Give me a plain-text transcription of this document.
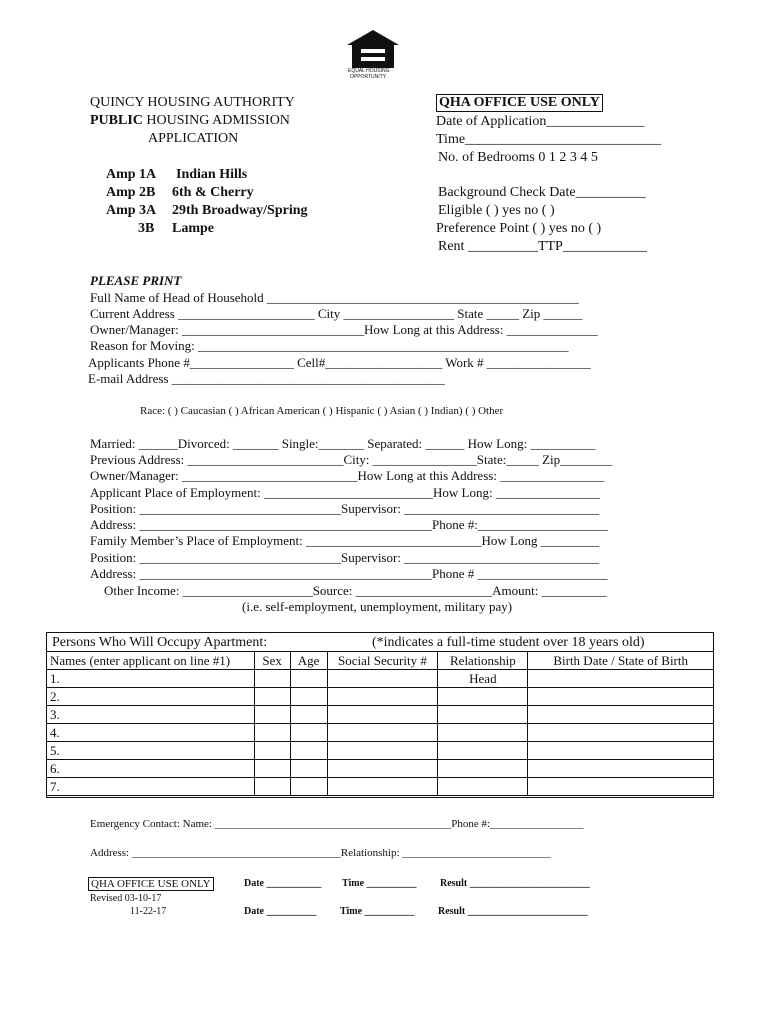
EQUAL HOUSING
OPPORTUNITY
QUINCY HOUSING AUTHORITY
PUBLIC HOUSING ADMISSION
APPLICATION
Amp 1A Indian Hills
Amp 2B 6th & Cherry
Amp 3A 29th Broadway/Spring
3B Lampe
QHA OFFICE USE ONLY
Date of Application______________
Time____________________________
No. of Bedrooms 0 1 2 3 4 5
Background Check Date__________
Eligible ( ) yes no ( )
Preference Point ( ) yes no ( )
Rent __________TTP____________
PLEASE PRINT
Full Name of Head of Household ________________________________________________
Current Address _____________________ City _________________ State _____ Zip ______
Owner/Manager: ____________________________How Long at this Address: ______________
Reason for Moving: _________________________________________________________
Applicants Phone #________________ Cell#__________________ Work # ________________
E-mail Address __________________________________________
Race: ( ) Caucasian ( ) African American ( ) Hispanic ( ) Asian ( ) Indian) ( ) Other
Married: ______Divorced: _______ Single:_______ Separated: ______ How Long: __________
Previous Address: ________________________City: ________________State:_____ Zip________
Owner/Manager: ___________________________How Long at this Address: ________________
Applicant Place of Employment: __________________________How Long: ________________
Position: _______________________________Supervisor: ______________________________
Address: _____________________________________________Phone #:____________________
Family Member’s Place of Employment: ___________________________How Long _________
Position: _______________________________Supervisor: ______________________________
Address: _____________________________________________Phone # ____________________
Other Income: ____________________Source: _____________________Amount: __________
(i.e. self-employment, unemployment, military pay)
Persons Who Will Occupy Apartment:	(*indicates a full-time student over 18 years old)
Names (enter applicant on line #1)	Sex	Age	Social Security #	Relationship	Birth Date / State of Birth
1.				Head	
2.					
3.					
4.					
5.					
6.					
7.					
Emergency Contact: Name: ___________________________________________Phone #:_________________
Address: ______________________________________Relationship: ___________________________
QHA OFFICE USE ONLY
Revised 03-10-17
11-22-17
Date ___________ Time __________ Result ________________________
Date __________ Time __________ Result ________________________
